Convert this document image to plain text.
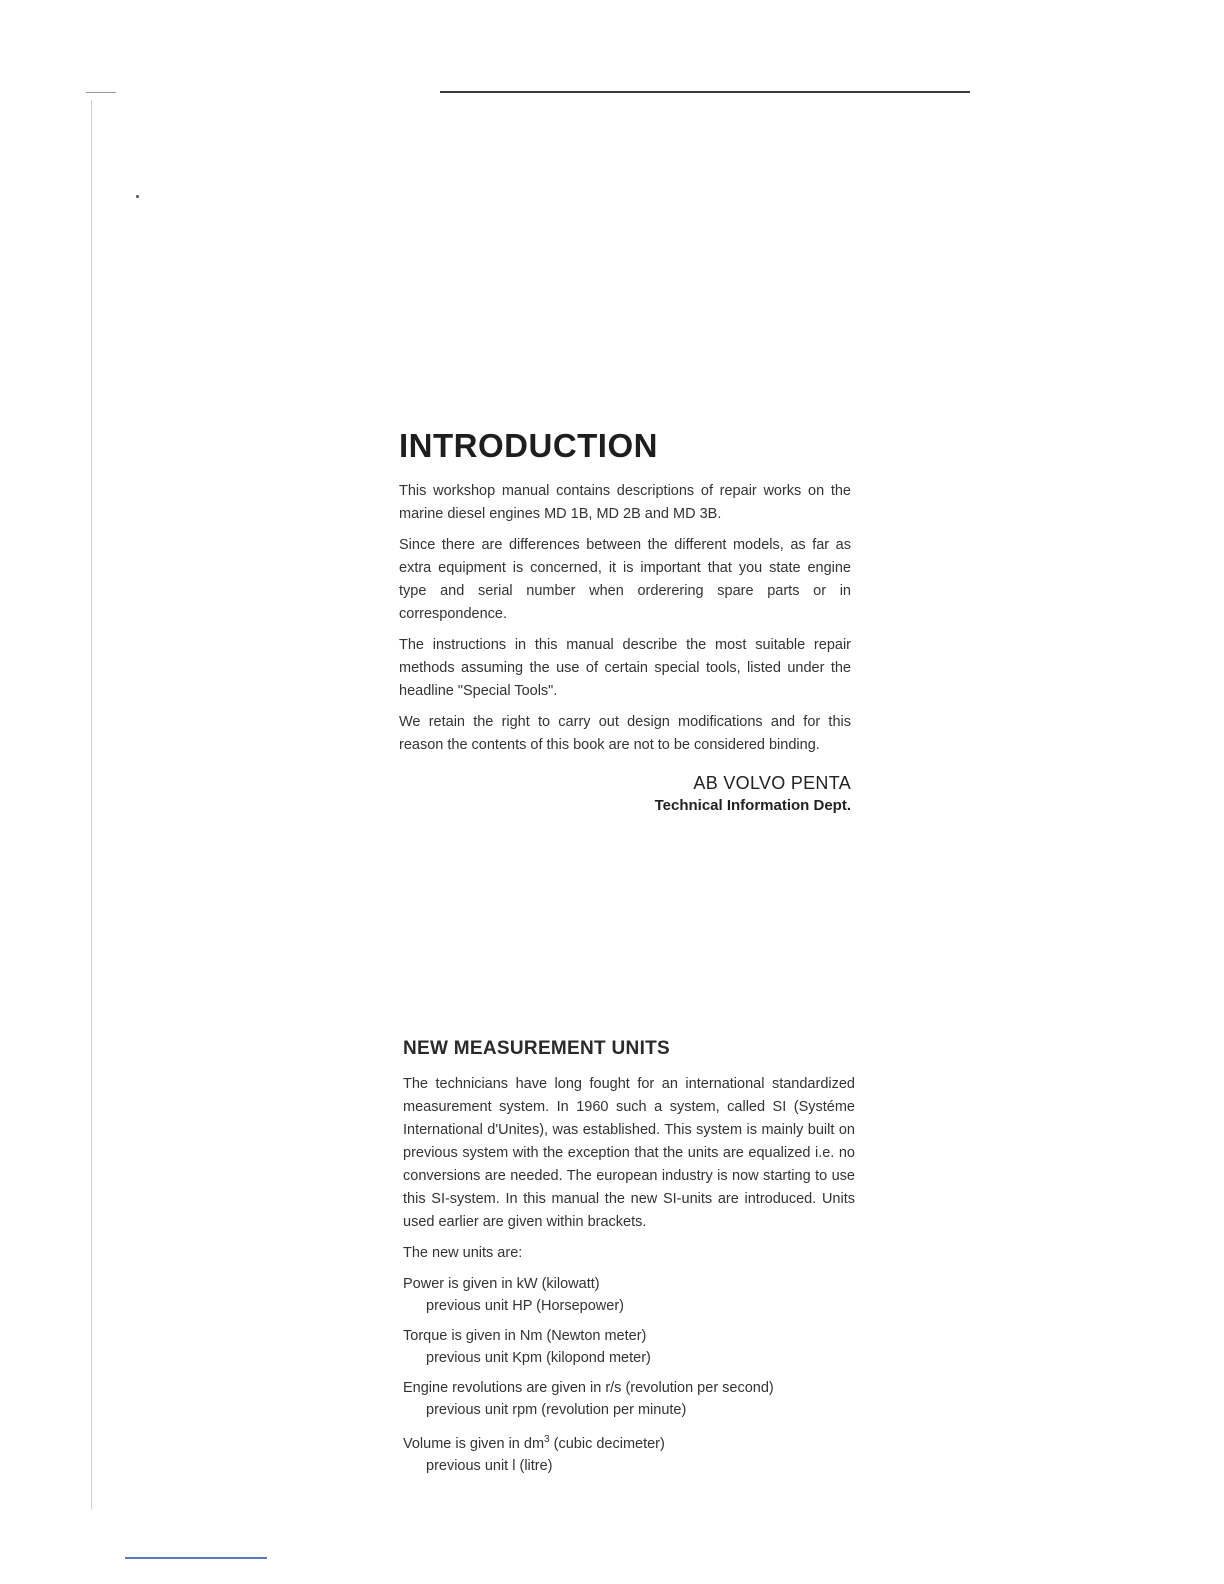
INTRODUCTION

This workshop manual contains descriptions of repair works on the marine diesel engines MD 1B, MD 2B and MD 3B.

Since there are differences between the different models, as far as extra equipment is concerned, it is important that you state engine type and serial number when orderering spare parts or in correspondence.

The instructions in this manual describe the most suitable repair methods assuming the use of certain special tools, listed under the headline "Special Tools".

We retain the right to carry out design modifications and for this reason the contents of this book are not to be considered binding.

AB VOLVO PENTA
Technical Information Dept.
NEW MEASUREMENT UNITS

The technicians have long fought for an international standardized measurement system. In 1960 such a system, called SI (Systéme International d'Unites), was established. This system is mainly built on previous system with the exception that the units are equalized i.e. no conversions are needed. The european industry is now starting to use this SI-system. In this manual the new SI-units are introduced. Units used earlier are given within brackets.

The new units are:

Power is given in kW (kilowatt)
previous unit HP (Horsepower)
Torque is given in Nm (Newton meter)
previous unit Kpm (kilopond meter)
Engine revolutions are given in r/s (revolution per second)
previous unit rpm (revolution per minute)
Volume is given in $dm^3$ (cubic decimeter)
previous unit l (litre)
